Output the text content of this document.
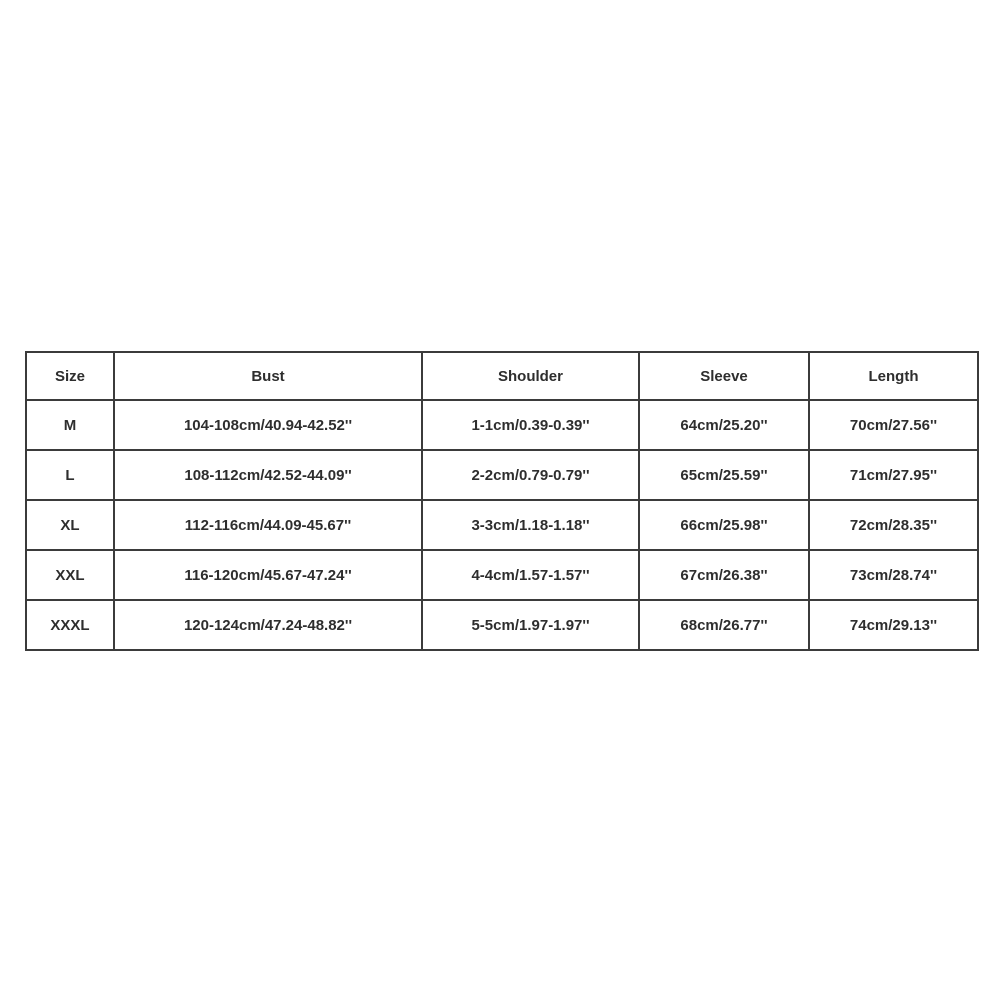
Size	Bust	Shoulder	Sleeve	Length
M	104-108cm/40.94-42.52''	1-1cm/0.39-0.39''	64cm/25.20''	70cm/27.56''
L	108-112cm/42.52-44.09''	2-2cm/0.79-0.79''	65cm/25.59''	71cm/27.95''
XL	112-116cm/44.09-45.67''	3-3cm/1.18-1.18''	66cm/25.98''	72cm/28.35''
XXL	116-120cm/45.67-47.24''	4-4cm/1.57-1.57''	67cm/26.38''	73cm/28.74''
XXXL	120-124cm/47.24-48.82''	5-5cm/1.97-1.97''	68cm/26.77''	74cm/29.13''
